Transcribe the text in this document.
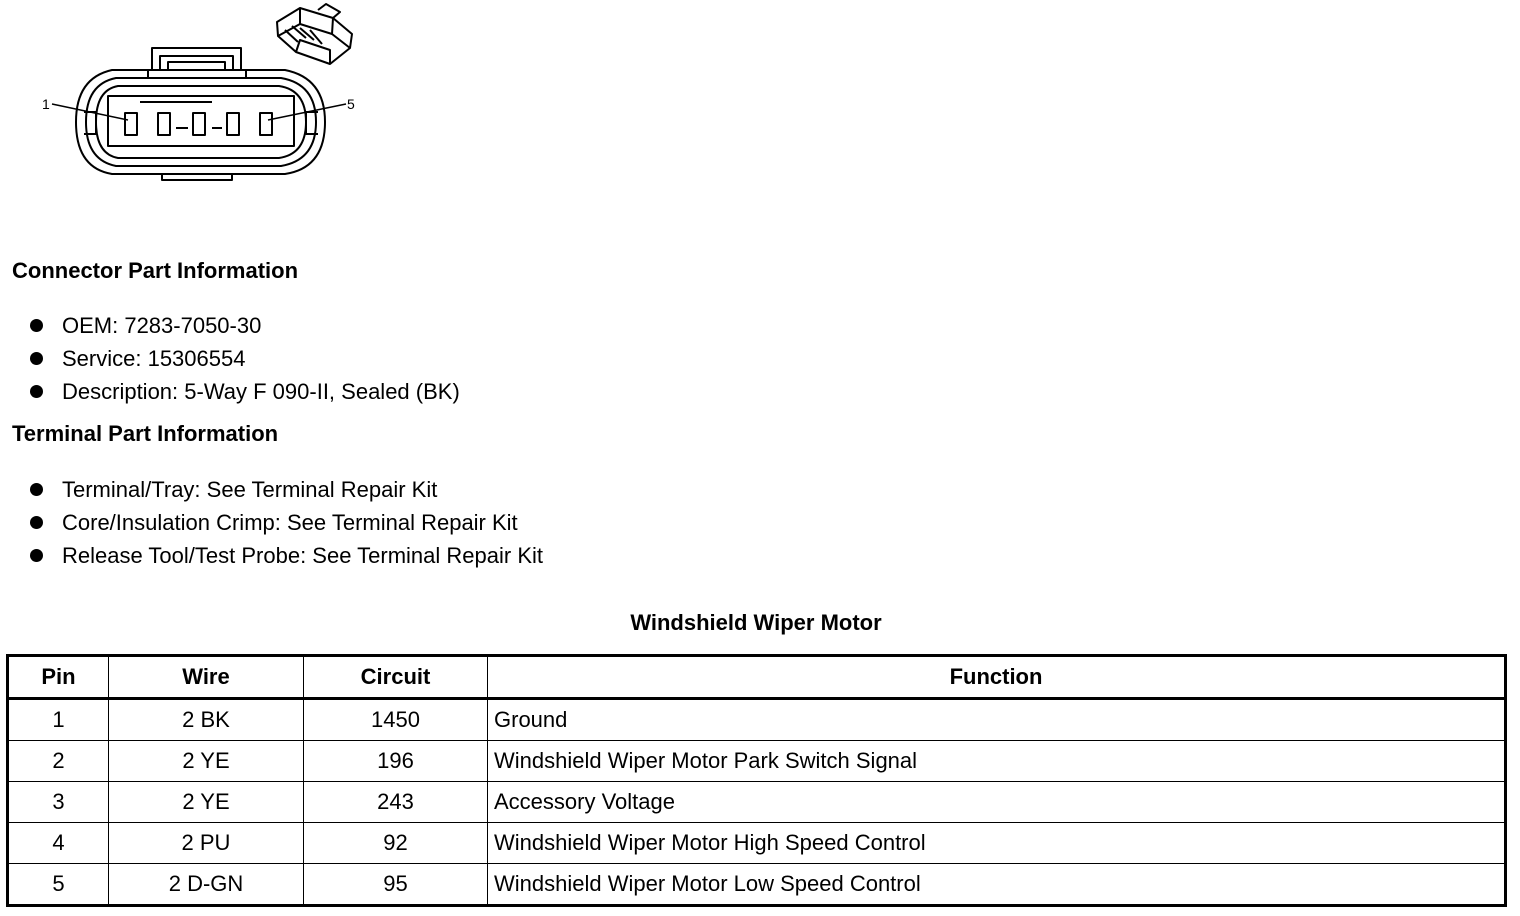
1	5
Connector Part Information
OEM: 7283-7050-30
Service: 15306554
Description: 5-Way F 090-II, Sealed (BK)
Terminal Part Information
Terminal/Tray: See Terminal Repair Kit
Core/Insulation Crimp: See Terminal Repair Kit
Release Tool/Test Probe: See Terminal Repair Kit
Windshield Wiper Motor
Pin	Wire	Circuit	Function
1	2 BK	1450	Ground
2	2 YE	196	Windshield Wiper Motor Park Switch Signal
3	2 YE	243	Accessory Voltage
4	2 PU	92	Windshield Wiper Motor High Speed Control
5	2 D-GN	95	Windshield Wiper Motor Low Speed Control
